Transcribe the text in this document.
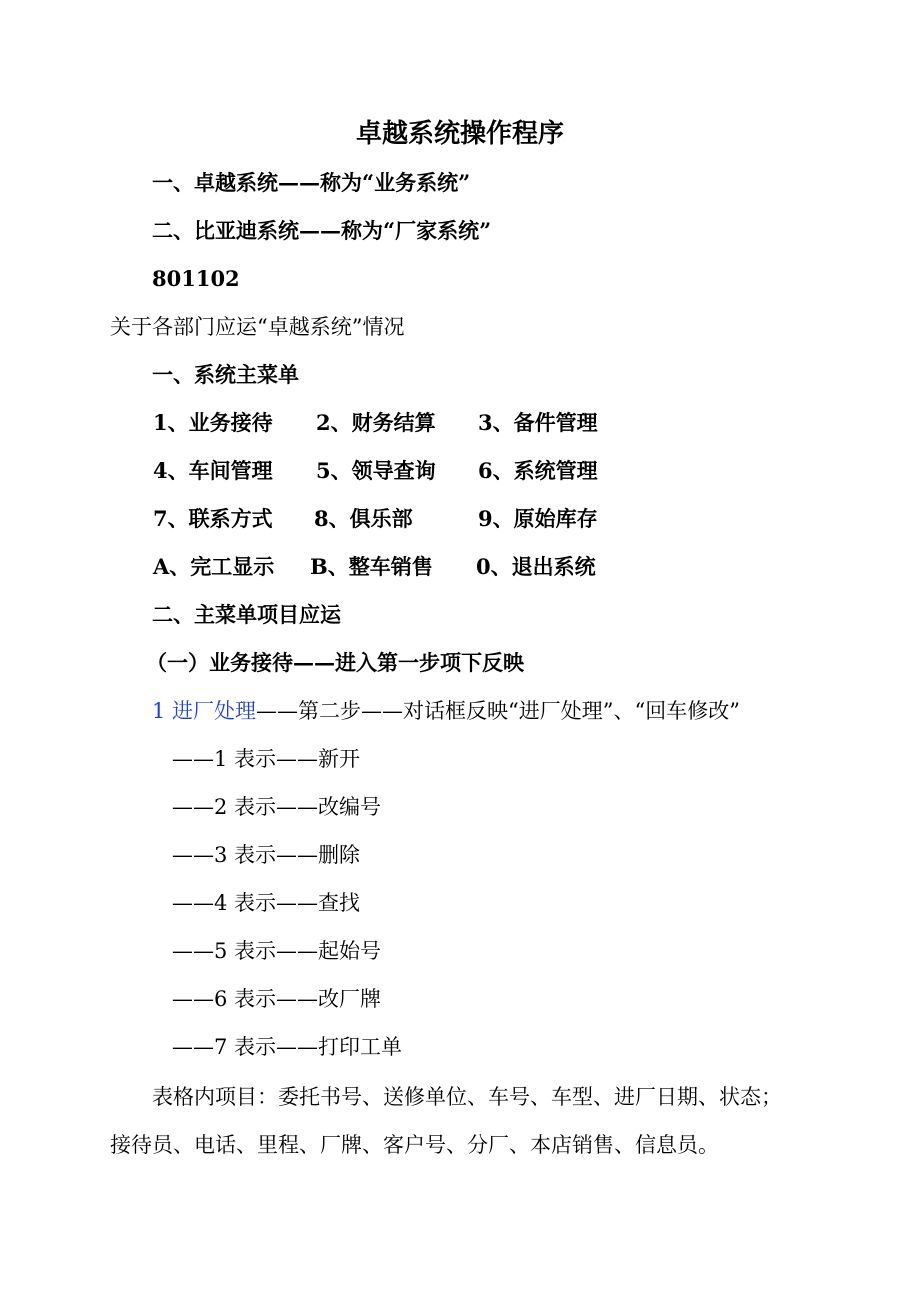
卓越系统操作程序
一、卓越系统——称为“业务系统”
二、比亚迪系统——称为“厂家系统”
801102
关于各部门应运“卓越系统”情况
一、系统主菜单
1、业务接待 2、财务结算 3、备件管理
4、车间管理 5、领导查询 6、系统管理
7、联系方式 8、俱乐部	9、原始库存
A、完工显示 B、整车销售 0、退出系统
二、主菜单项目应运
（一）业务接待——进入第一步项下反映
1 进厂处理——第二步——对话框反映“进厂处理”、“回车修改”
——1 表示——新开
——2 表示——改编号
——3 表示——删除
——4 表示——查找
——5 表示——起始号
——6 表示——改厂牌
——7 表示——打印工单
表格内项目：委托书号、送修单位、车号、车型、进厂日期、状态；
接待员、电话、里程、厂牌、客户号、分厂、本店销售、信息员。
